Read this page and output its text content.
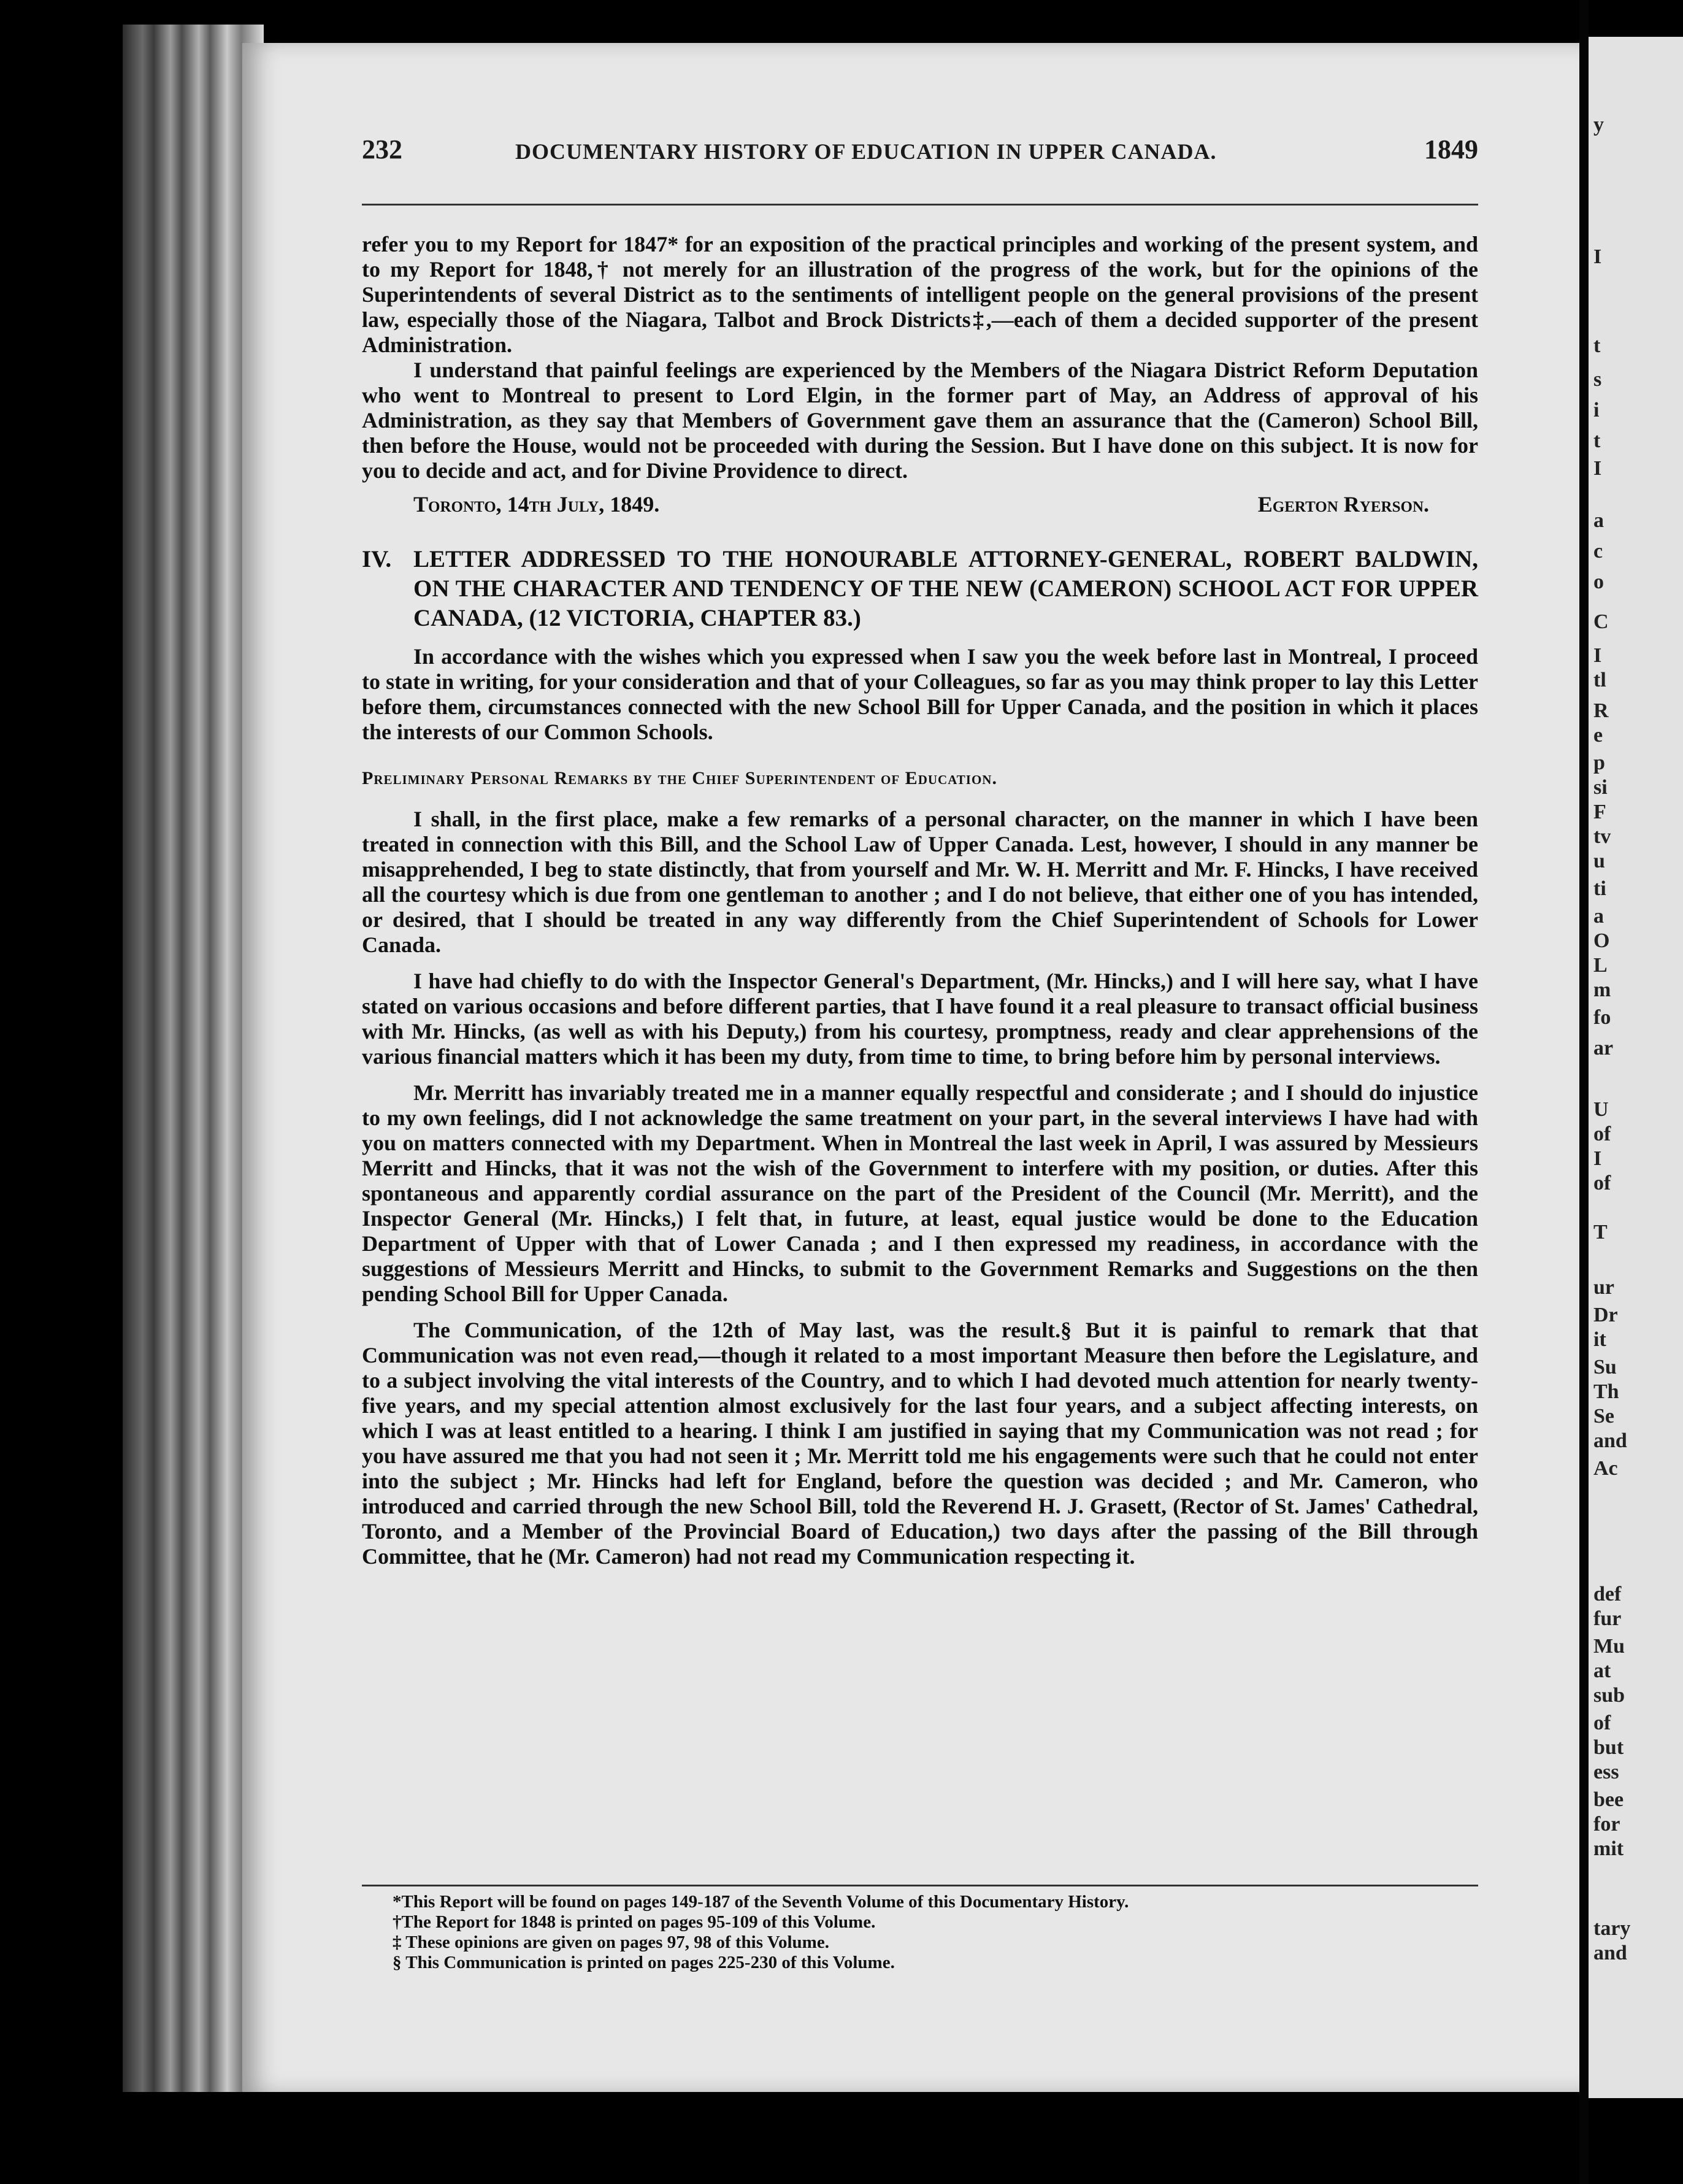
y
I
t
s
i
t
I
a
c
o
C
I
tl
R
e
p
si
F
tv
u
ti
a
O
L
m
fo
ar
U
of
I
of
T
ur
Dr
it
Su
Th
Se
and
Ac
def
fur
Mu
at
sub
of
but
ess
bee
for
mit
tary
and
232	DOCUMENTARY HISTORY OF EDUCATION IN UPPER CANADA.	1849

refer you to my Report for 1847* for an exposition of the practical principles and working of the present system, and to my Report for 1848,† not merely for an illustration of the progress of the work, but for the opinions of the Superintendents of several District as to the sentiments of intelligent people on the general provisions of the present law, especially those of the Niagara, Talbot and Brock Districts‡,—each of them a decided supporter of the present Administration.

I understand that painful feelings are experienced by the Members of the Niagara District Reform Deputation who went to Montreal to present to Lord Elgin, in the former part of May, an Address of approval of his Administration, as they say that Members of Government gave them an assurance that the (Cameron) School Bill, then before the House, would not be proceeded with during the Session. But I have done on this subject. It is now for you to decide and act, and for Divine Providence to direct.

Toronto, 14th July, 1849.	Egerton Ryerson.
IV. LETTER ADDRESSED TO THE HONOURABLE ATTORNEY-GENERAL, ROBERT BALDWIN, ON THE CHARACTER AND TENDENCY OF THE NEW (CAMERON) SCHOOL ACT FOR UPPER CANADA, (12 VICTORIA, CHAPTER 83.)

In accordance with the wishes which you expressed when I saw you the week before last in Montreal, I proceed to state in writing, for your consideration and that of your Colleagues, so far as you may think proper to lay this Letter before them, circumstances connected with the new School Bill for Upper Canada, and the position in which it places the interests of our Common Schools.

Preliminary Personal Remarks by the Chief Superintendent of Education.

I shall, in the first place, make a few remarks of a personal character, on the manner in which I have been treated in connection with this Bill, and the School Law of Upper Canada. Lest, however, I should in any manner be misapprehended, I beg to state distinctly, that from yourself and Mr. W. H. Merritt and Mr. F. Hincks, I have received all the courtesy which is due from one gentleman to another ; and I do not believe, that either one of you has intended, or desired, that I should be treated in any way differently from the Chief Superintendent of Schools for Lower Canada.

I have had chiefly to do with the Inspector General's Department, (Mr. Hincks,) and I will here say, what I have stated on various occasions and before different parties, that I have found it a real pleasure to transact official business with Mr. Hincks, (as well as with his Deputy,) from his courtesy, promptness, ready and clear apprehensions of the various financial matters which it has been my duty, from time to time, to bring before him by personal interviews.

Mr. Merritt has invariably treated me in a manner equally respectful and considerate ; and I should do injustice to my own feelings, did I not acknowledge the same treatment on your part, in the several interviews I have had with you on matters connected with my Department. When in Montreal the last week in April, I was assured by Messieurs Merritt and Hincks, that it was not the wish of the Government to interfere with my position, or duties. After this spontaneous and apparently cordial assurance on the part of the President of the Council (Mr. Merritt), and the Inspector General (Mr. Hincks,) I felt that, in future, at least, equal justice would be done to the Education Department of Upper with that of Lower Canada ; and I then expressed my readiness, in accordance with the suggestions of Messieurs Merritt and Hincks, to submit to the Government Remarks and Suggestions on the then pending School Bill for Upper Canada.

The Communication, of the 12th of May last, was the result.§ But it is painful to remark that that Communication was not even read,—though it related to a most important Measure then before the Legislature, and to a subject involving the vital interests of the Country, and to which I had devoted much attention for nearly twenty-five years, and my special attention almost exclusively for the last four years, and a subject affecting interests, on which I was at least entitled to a hearing. I think I am justified in saying that my Communication was not read ; for you have assured me that you had not seen it ; Mr. Merritt told me his engagements were such that he could not enter into the subject ; Mr. Hincks had left for England, before the question was decided ; and Mr. Cameron, who introduced and carried through the new School Bill, told the Reverend H. J. Grasett, (Rector of St. James' Cathedral, Toronto, and a Member of the Provincial Board of Education,) two days after the passing of the Bill through Committee, that he (Mr. Cameron) had not read my Communication respecting it.

*This Report will be found on pages 149-187 of the Seventh Volume of this Documentary History.

†The Report for 1848 is printed on pages 95-109 of this Volume.

‡ These opinions are given on pages 97, 98 of this Volume.

§ This Communication is printed on pages 225-230 of this Volume.
